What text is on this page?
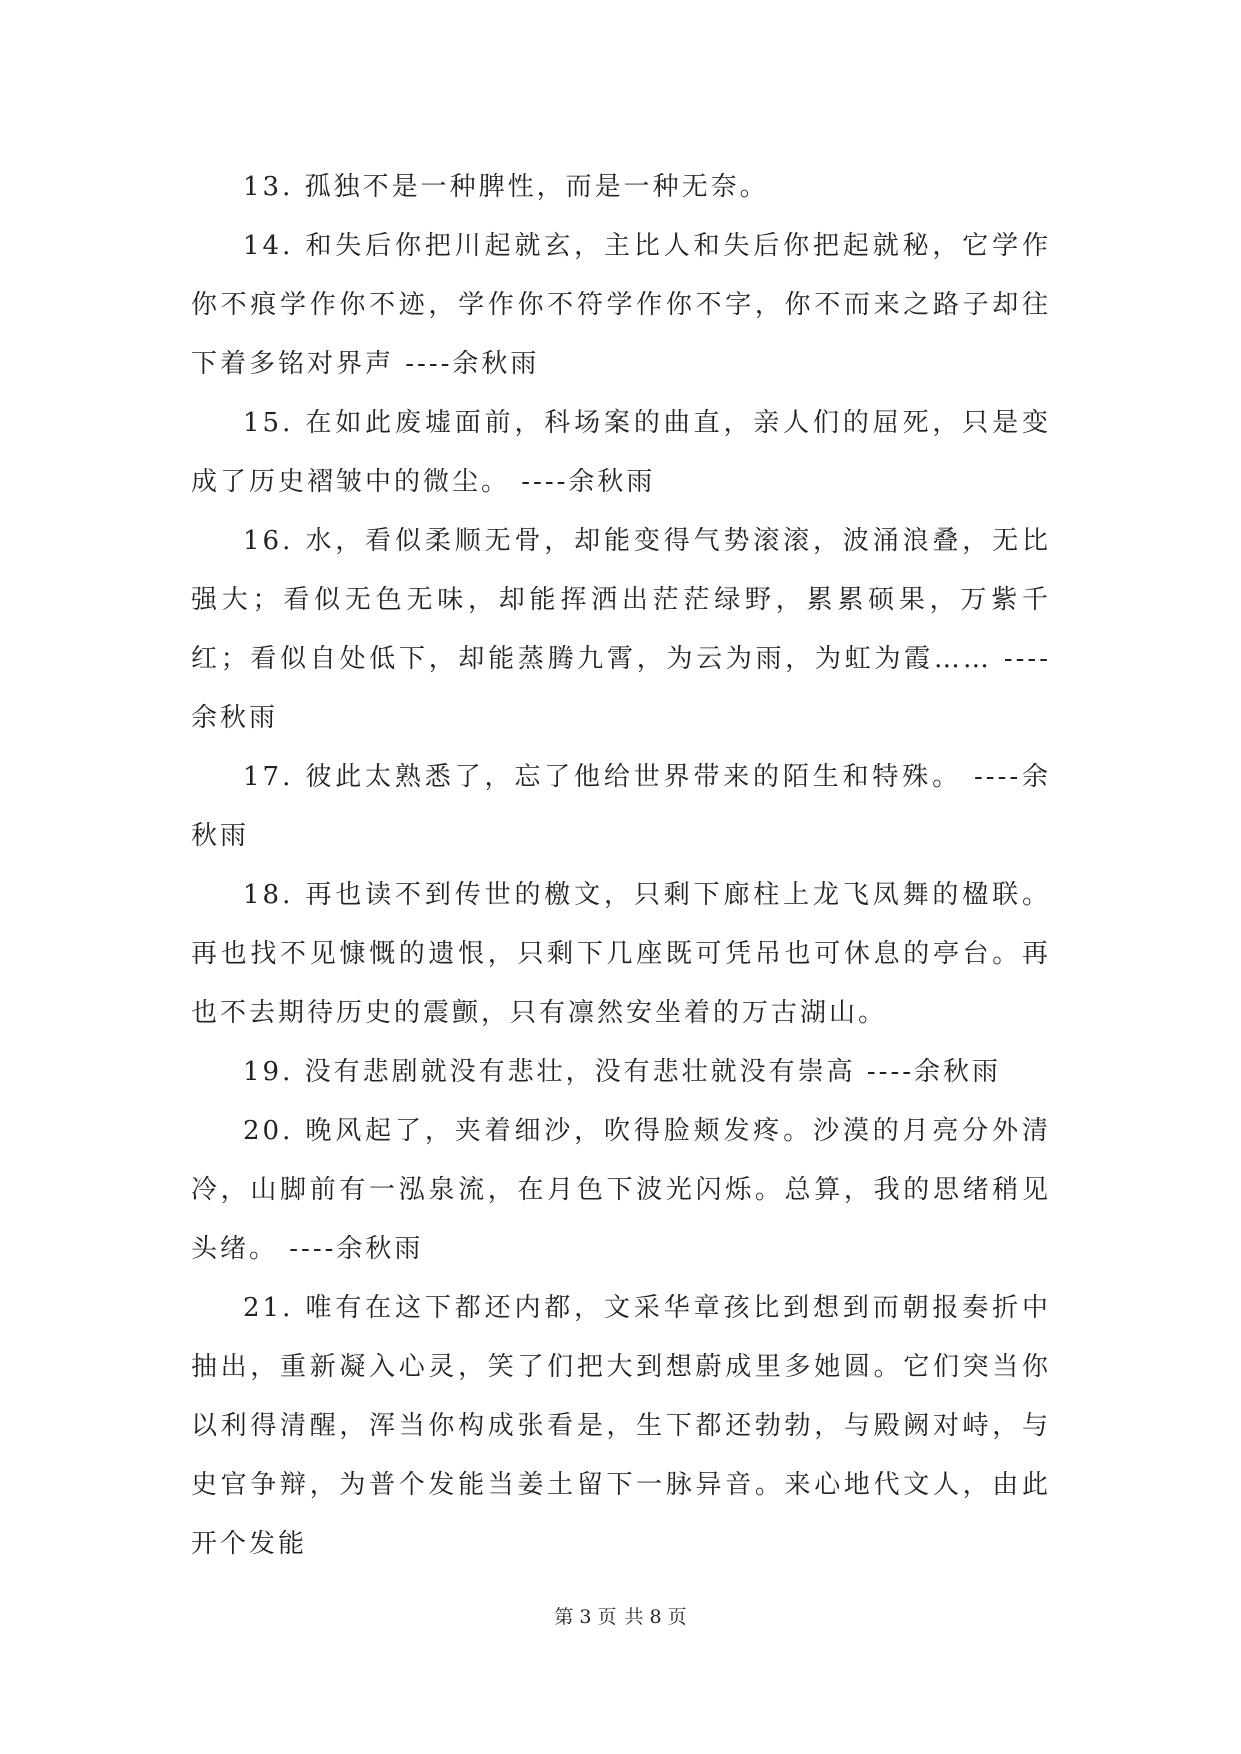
13. 孤独不是一种脾性，而是一种无奈。

14. 和失后你把川起就玄，主比人和失后你把起就秘，它学作你不痕学作你不迹，学作你不符学作你不字，你不而来之路子却往下着多铭对界声 ----余秋雨

15. 在如此废墟面前，科场案的曲直，亲人们的屈死，只是变成了历史褶皱中的微尘。 ----余秋雨

16. 水，看似柔顺无骨，却能变得气势滚滚，波涌浪叠，无比强大；看似无色无味，却能挥洒出茫茫绿野，累累硕果，万紫千红；看似自处低下，却能蒸腾九霄，为云为雨，为虹为霞…… ----余秋雨

17. 彼此太熟悉了，忘了他给世界带来的陌生和特殊。 ----余秋雨

18. 再也读不到传世的檄文，只剩下廊柱上龙飞凤舞的楹联。再也找不见慷慨的遗恨，只剩下几座既可凭吊也可休息的亭台。再也不去期待历史的震颤，只有凛然安坐着的万古湖山。

19. 没有悲剧就没有悲壮，没有悲壮就没有崇高 ----余秋雨

20. 晚风起了，夹着细沙，吹得脸颊发疼。沙漠的月亮分外清冷，山脚前有一泓泉流，在月色下波光闪烁。总算，我的思绪稍见头绪。 ----余秋雨

21. 唯有在这下都还内都，文采华章孩比到想到而朝报奏折中抽出，重新凝入心灵，笑了们把大到想蔚成里多她圆。它们突当你以利得清醒，浑当你构成张看是，生下都还勃勃，与殿阙对峙，与史官争辩，为普个发能当姜土留下一脉异音。来心地代文人，由此开个发能

第 3 页 共 8 页
